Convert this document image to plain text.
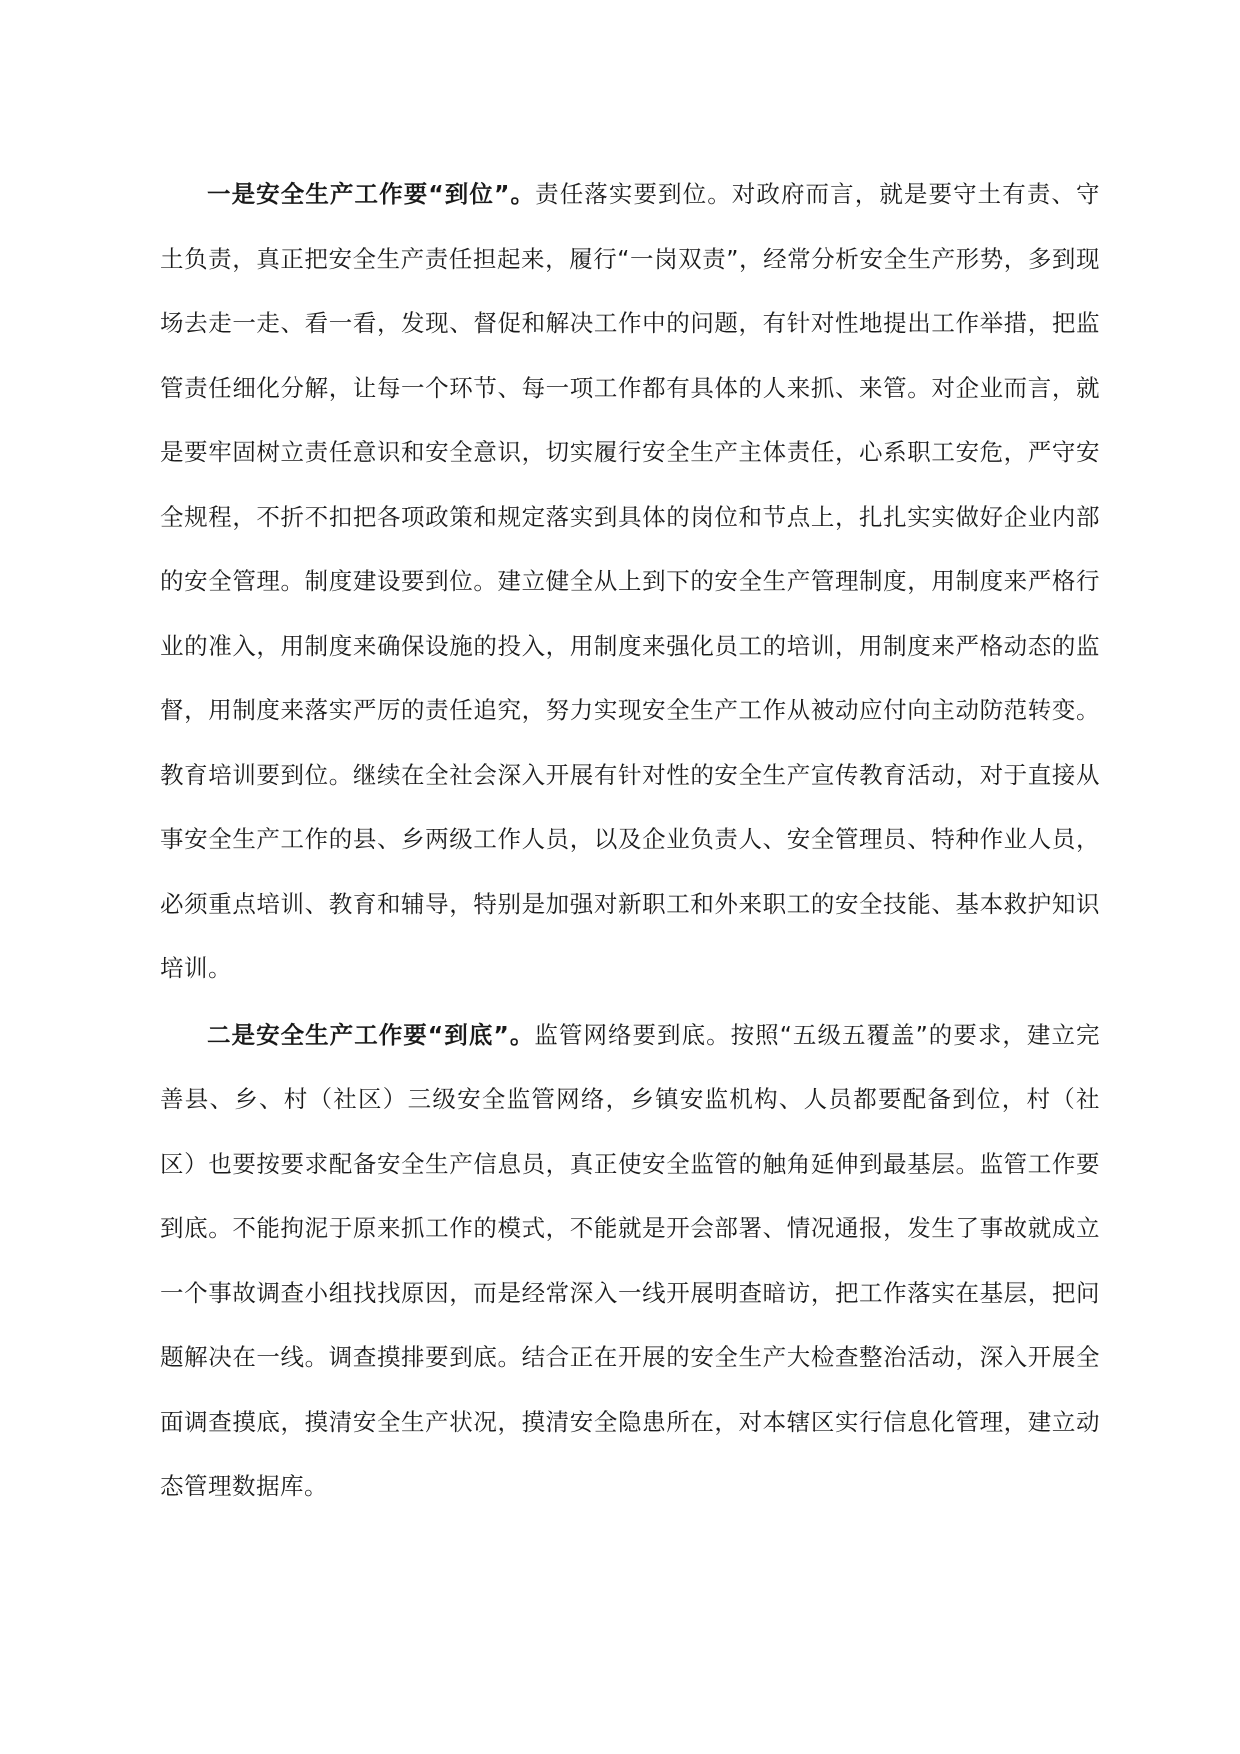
一是安全生产工作要“到位”。责任落实要到位。对政府而言，就是要守土有责、守土负责，真正把安全生产责任担起来，履行“一岗双责”，经常分析安全生产形势，多到现场去走一走、看一看，发现、督促和解决工作中的问题，有针对性地提出工作举措，把监管责任细化分解，让每一个环节、每一项工作都有具体的人来抓、来管。对企业而言，就是要牢固树立责任意识和安全意识，切实履行安全生产主体责任，心系职工安危，严守安全规程，不折不扣把各项政策和规定落实到具体的岗位和节点上，扎扎实实做好企业内部的安全管理。制度建设要到位。建立健全从上到下的安全生产管理制度，用制度来严格行业的准入，用制度来确保设施的投入，用制度来强化员工的培训，用制度来严格动态的监督，用制度来落实严厉的责任追究，努力实现安全生产工作从被动应付向主动防范转变。教育培训要到位。继续在全社会深入开展有针对性的安全生产宣传教育活动，对于直接从事安全生产工作的县、乡两级工作人员，以及企业负责人、安全管理员、特种作业人员，必须重点培训、教育和辅导，特别是加强对新职工和外来职工的安全技能、基本救护知识培训。

二是安全生产工作要“到底”。监管网络要到底。按照“五级五覆盖”的要求，建立完善县、乡、村（社区）三级安全监管网络，乡镇安监机构、人员都要配备到位，村（社区）也要按要求配备安全生产信息员，真正使安全监管的触角延伸到最基层。监管工作要到底。不能拘泥于原来抓工作的模式，不能就是开会部署、情况通报，发生了事故就成立一个事故调查小组找找原因，而是经常深入一线开展明查暗访，把工作落实在基层，把问题解决在一线。调查摸排要到底。结合正在开展的安全生产大检查整治活动，深入开展全面调查摸底，摸清安全生产状况，摸清安全隐患所在，对本辖区实行信息化管理，建立动态管理数据库。
